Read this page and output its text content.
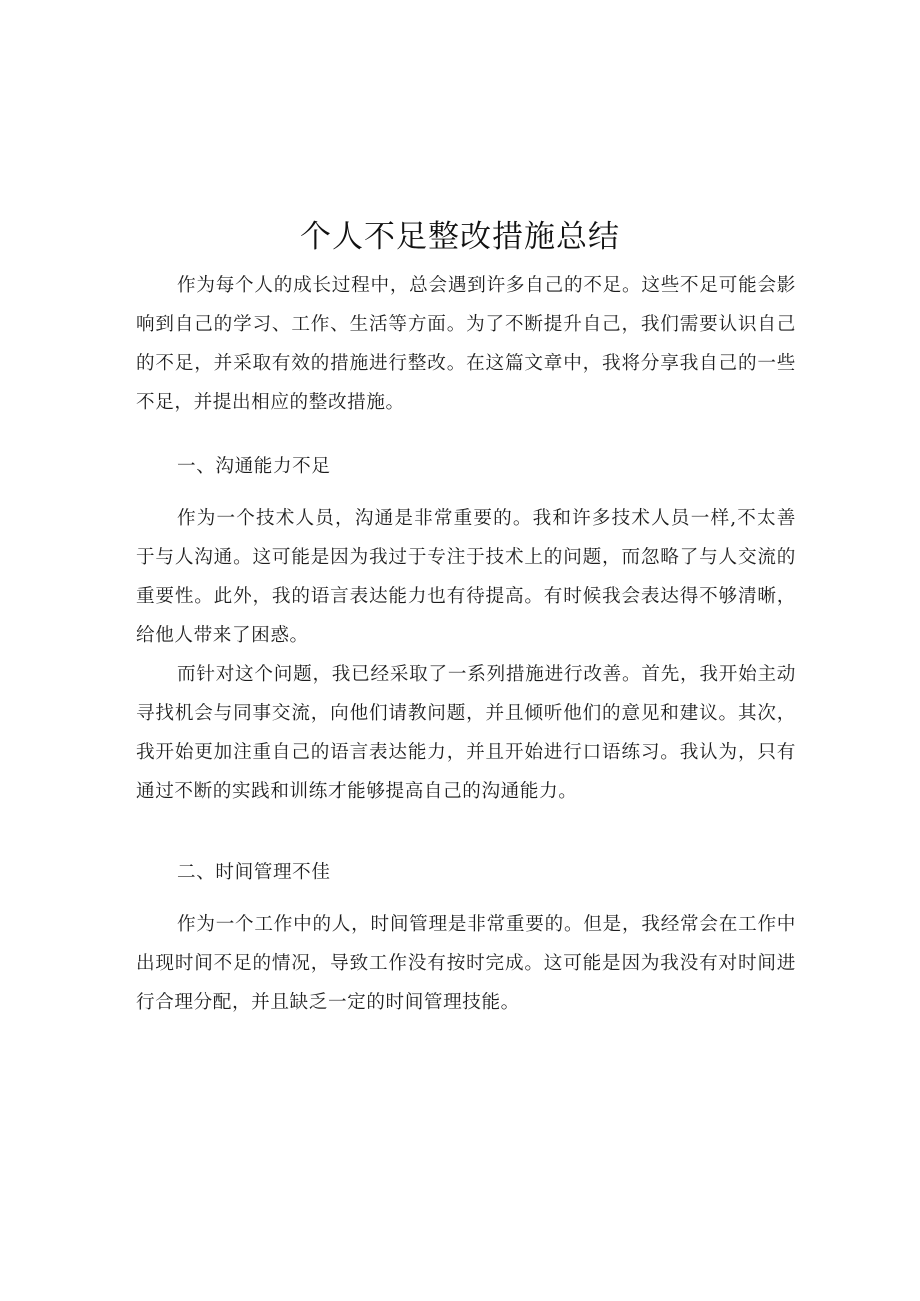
个人不足整改措施总结

作为每个人的成长过程中，总会遇到许多自己的不足。这些不足可能会影响到自己的学习、工作、生活等方面。为了不断提升自己，我们需要认识自己的不足，并采取有效的措施进行整改。在这篇文章中，我将分享我自己的一些不足，并提出相应的整改措施。

一、沟通能力不足

作为一个技术人员，沟通是非常重要的。我和许多技术人员一样,不太善于与人沟通。这可能是因为我过于专注于技术上的问题，而忽略了与人交流的重要性。此外，我的语言表达能力也有待提高。有时候我会表达得不够清晰，给他人带来了困惑。

而针对这个问题，我已经采取了一系列措施进行改善。首先，我开始主动寻找机会与同事交流，向他们请教问题，并且倾听他们的意见和建议。其次，我开始更加注重自己的语言表达能力，并且开始进行口语练习。我认为，只有通过不断的实践和训练才能够提高自己的沟通能力。

二、时间管理不佳

作为一个工作中的人，时间管理是非常重要的。但是，我经常会在工作中出现时间不足的情况，导致工作没有按时完成。这可能是因为我没有对时间进行合理分配，并且缺乏一定的时间管理技能。
